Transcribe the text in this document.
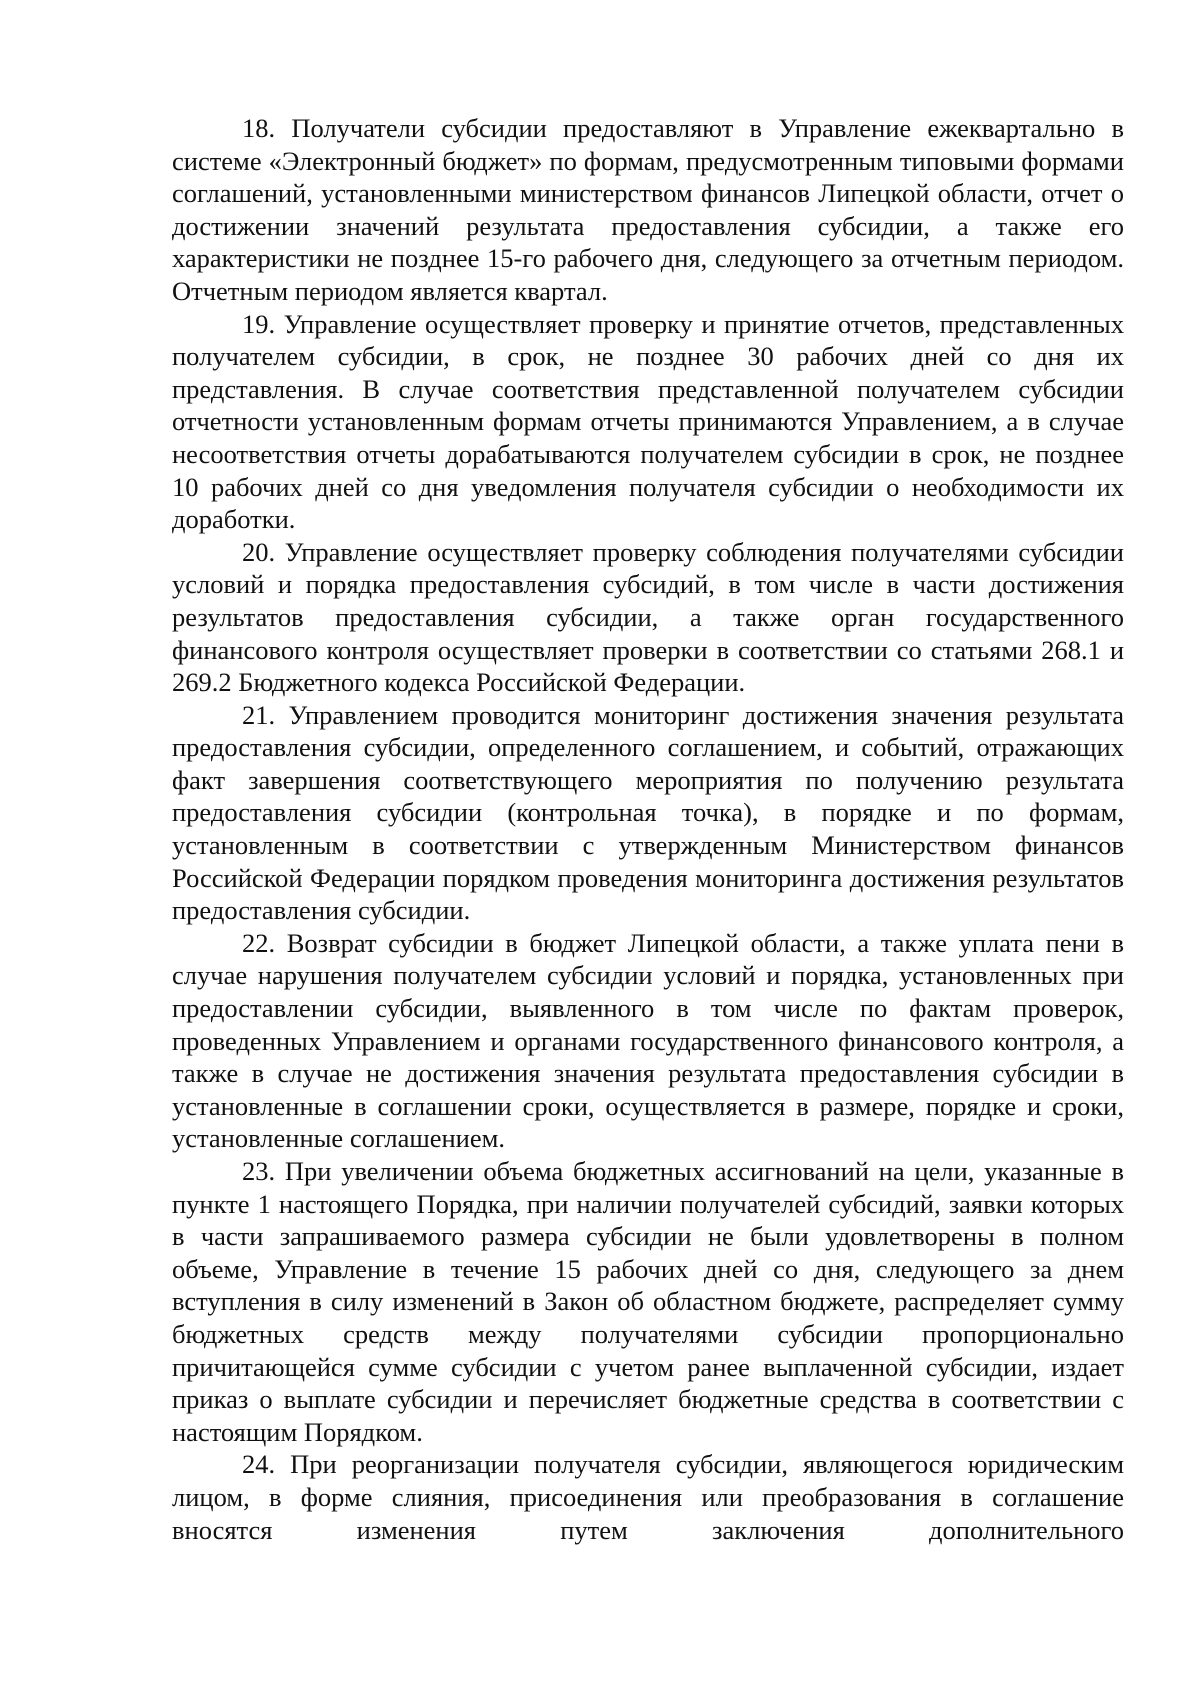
18. Получатели субсидии предоставляют в Управление ежеквартально в системе «Электронный бюджет» по формам, предусмотренным типовыми формами соглашений, установленными министерством финансов Липецкой области, отчет о достижении значений результата предоставления субсидии, а также его характеристики не позднее 15-го рабочего дня, следующего за отчетным периодом. Отчетным периодом является квартал.

19. Управление осуществляет проверку и принятие отчетов, представленных получателем субсидии, в срок, не позднее 30 рабочих дней со дня их представления. В случае соответствия представленной получателем субсидии отчетности установленным формам отчеты принимаются Управлением, а в случае несоответствия отчеты дорабатываются получателем субсидии в срок, не позднее 10 рабочих дней со дня уведомления получателя субсидии о необходимости их доработки.

20. Управление осуществляет проверку соблюдения получателями субсидии условий и порядка предоставления субсидий, в том числе в части достижения результатов предоставления субсидии, а также орган государственного финансового контроля осуществляет проверки в соответствии со статьями 268.1 и 269.2 Бюджетного кодекса Российской Федерации.

21. Управлением проводится мониторинг достижения значения результата предоставления субсидии, определенного соглашением, и событий, отражающих факт завершения соответствующего мероприятия по получению результата предоставления субсидии (контрольная точка), в порядке и по формам, установленным в соответствии с утвержденным Министерством финансов Российской Федерации порядком проведения мониторинга достижения результатов предоставления субсидии.

22. Возврат субсидии в бюджет Липецкой области, а также уплата пени в случае нарушения получателем субсидии условий и порядка, установленных при предоставлении субсидии, выявленного в том числе по фактам проверок, проведенных Управлением и органами государственного финансового контроля, а также в случае не достижения значения результата предоставления субсидии в установленные в соглашении сроки, осуществляется в размере, порядке и сроки, установленные соглашением.

23. При увеличении объема бюджетных ассигнований на цели, указанные в пункте 1 настоящего Порядка, при наличии получателей субсидий, заявки которых в части запрашиваемого размера субсидии не были удовлетворены в полном объеме, Управление в течение 15 рабочих дней со дня, следующего за днем вступления в силу изменений в Закон об областном бюджете, распределяет сумму бюджетных средств между получателями субсидии пропорционально причитающейся сумме субсидии с учетом ранее выплаченной субсидии, издает приказ о выплате субсидии и перечисляет бюджетные средства в соответствии с настоящим Порядком.

24. При реорганизации получателя субсидии, являющегося юридическим лицом, в форме слияния, присоединения или преобразования в соглашение вносятся изменения путем заключения дополнительного
